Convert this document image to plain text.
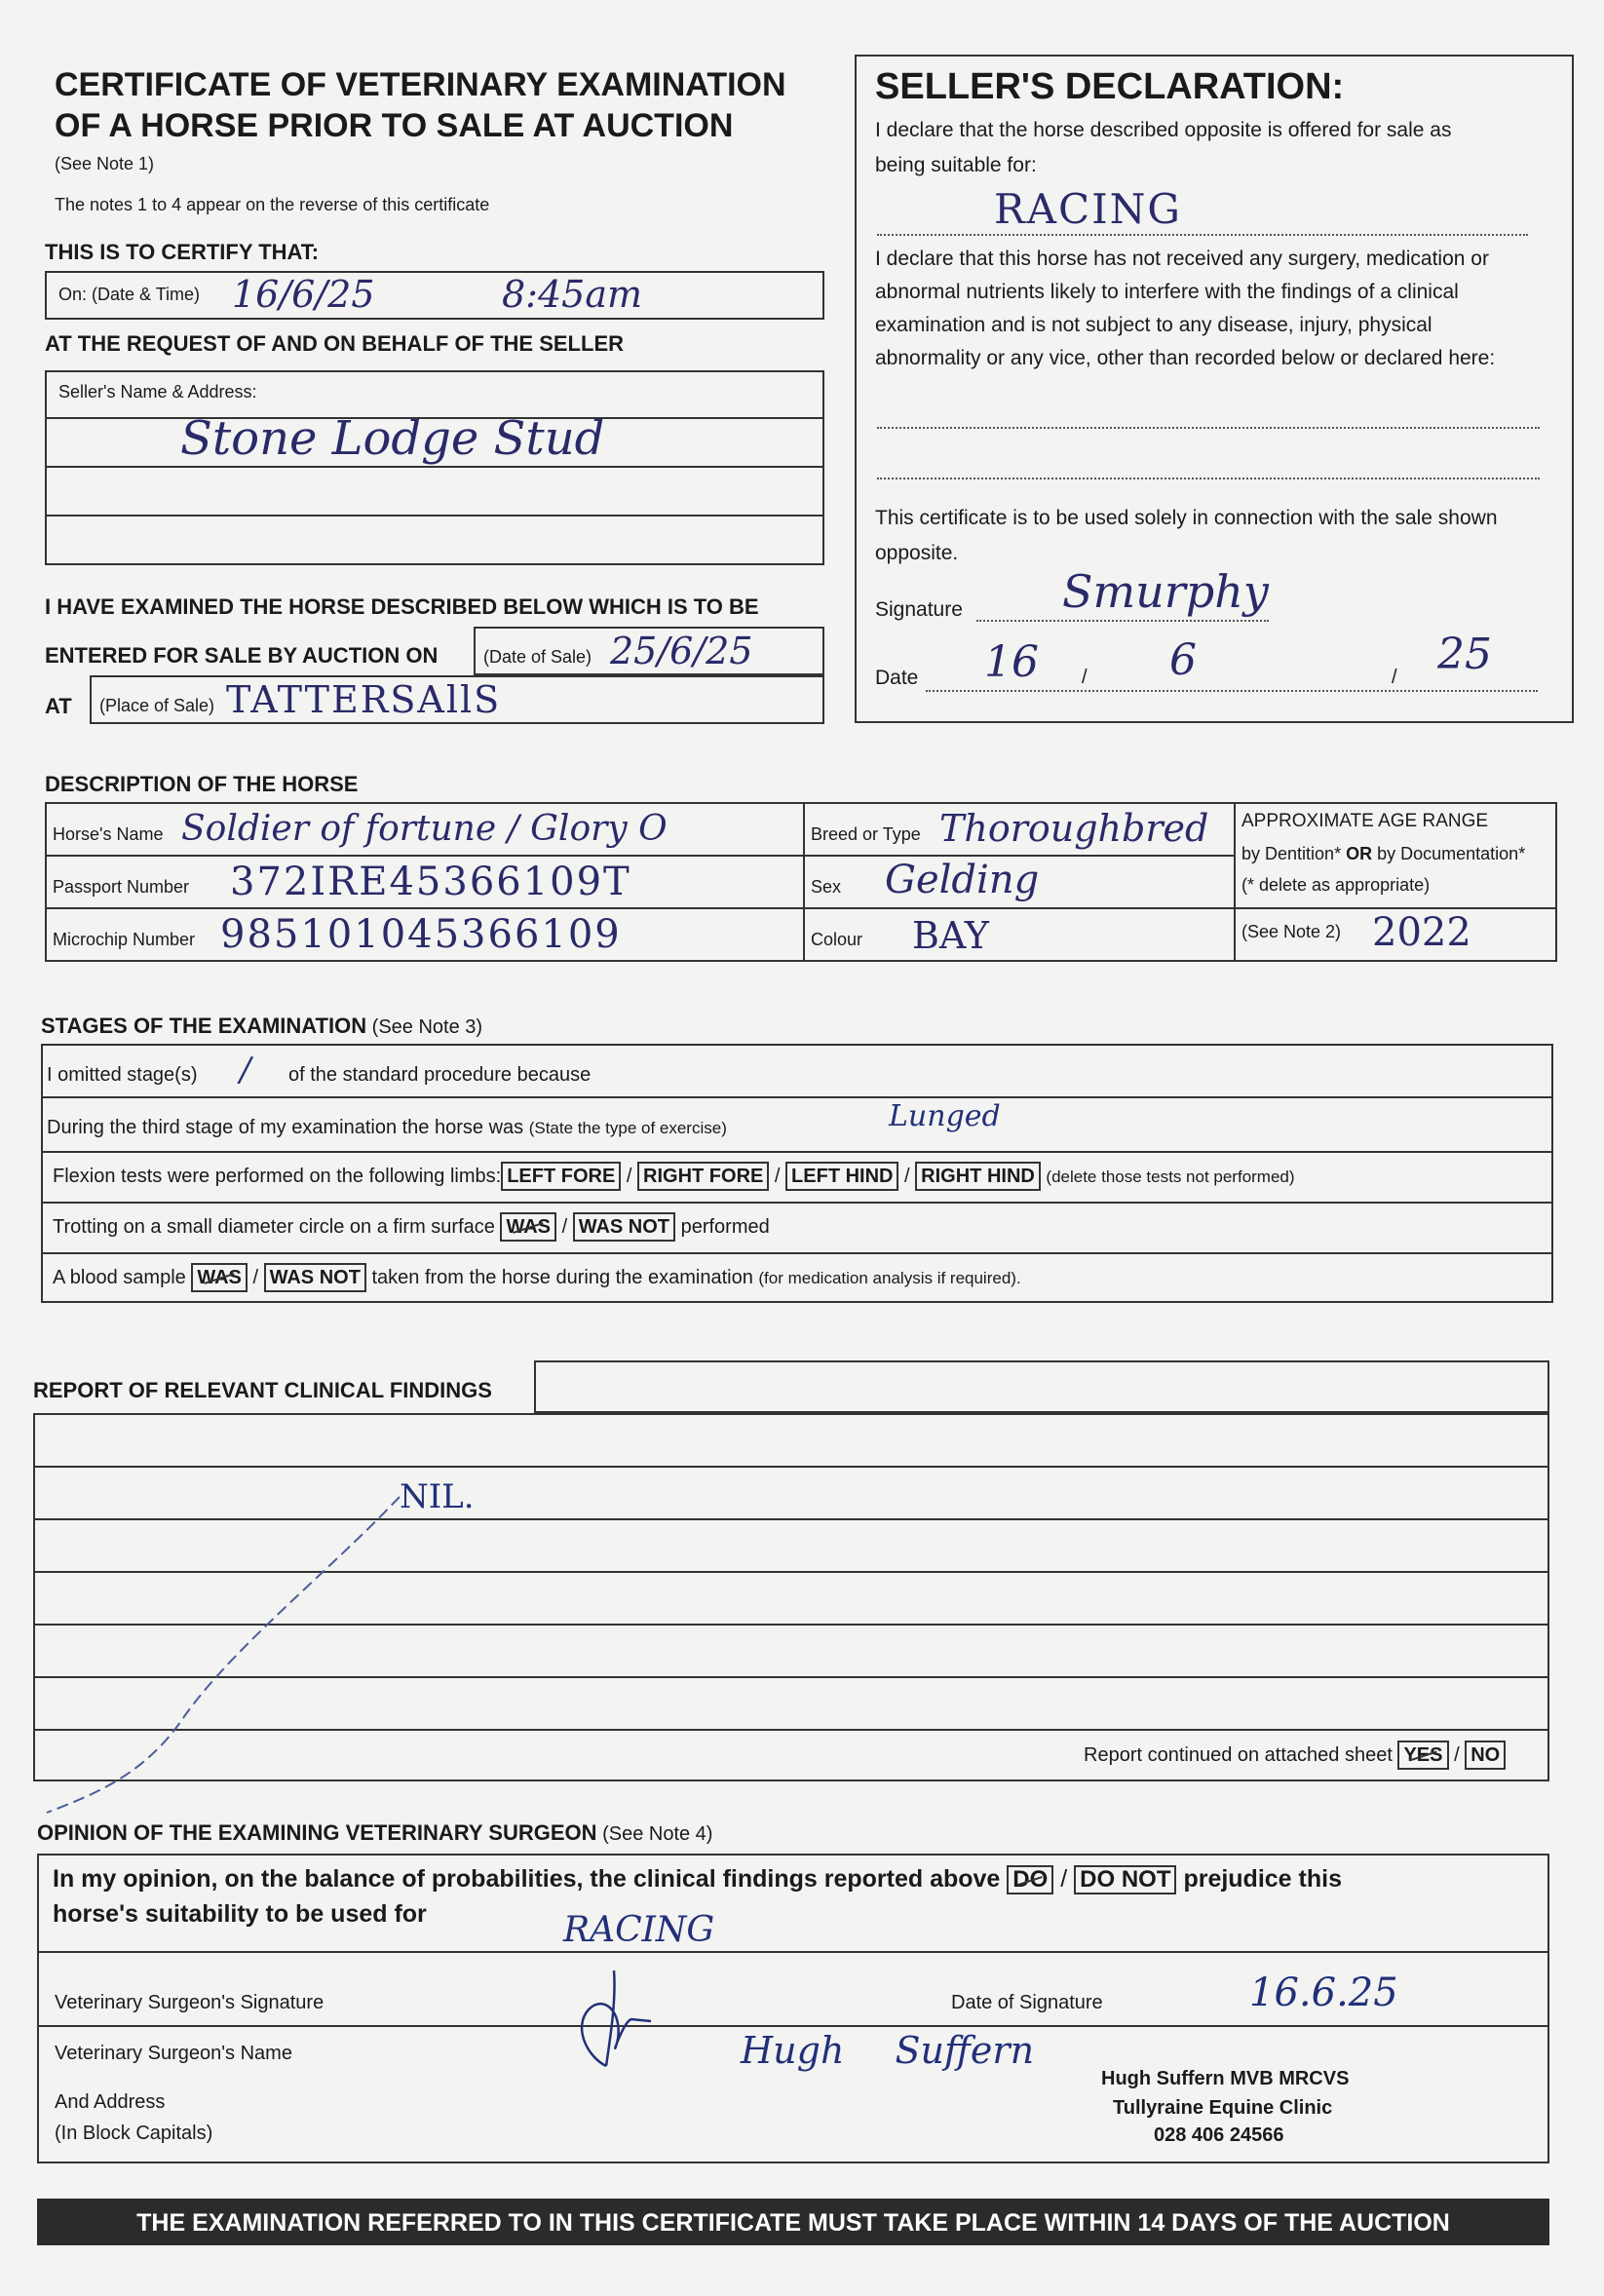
CERTIFICATE OF VETERINARY EXAMINATION
OF A HORSE PRIOR TO SALE AT AUCTION
(See Note 1)
The notes 1 to 4 appear on the reverse of this certificate
THIS IS TO CERTIFY THAT:
On: (Date & Time) 16/6/25	8:45am
AT THE REQUEST OF AND ON BEHALF OF THE SELLER
Seller's Name & Address:
Stone Lodge Stud
I HAVE EXAMINED THE HORSE DESCRIBED BELOW WHICH IS TO BE
ENTERED FOR SALE BY AUCTION ON	(Date of Sale) 25/6/25
AT (Place of Sale) TATTERSAllS
SELLER'S DECLARATION:
I declare that the horse described opposite is offered for sale as
being suitable for:
RACING
I declare that this horse has not received any surgery, medication or
abnormal nutrients likely to interfere with the findings of a clinical
examination and is not subject to any disease, injury, physical
abnormality or any vice, other than recorded below or declared here:
This certificate is to be used solely in connection with the sale shown
opposite.
Signature Smurphy
Date 16 / 6	/ 25
DESCRIPTION OF THE HORSE
Horse's Name Soldier of fortune / Glory O
Passport Number 372IRE45366109T
Microchip Number 985101045366109
Breed or Type Thoroughbred
Sex Gelding
Colour BAY
APPROXIMATE AGE RANGE
by Dentition* OR by Documentation*
(* delete as appropriate)
(See Note 2) 2022
STAGES OF THE EXAMINATION (See Note 3)
I omitted stage(s) / of the standard procedure because
During the third stage of my examination the horse was (State the type of exercise)	Lunged
Flexion tests were performed on the following limbs: LEFT FORE / RIGHT FORE / LEFT HIND / RIGHT HIND (delete those tests not performed)
Trotting on a small diameter circle on a firm surface WAS / WAS NOT performed
A blood sample WAS / WAS NOT taken from the horse during the examination (for medication analysis if required).
REPORT OF RELEVANT CLINICAL FINDINGS
NIL.
Report continued on attached sheet YES / NO
OPINION OF THE EXAMINING VETERINARY SURGEON (See Note 4)
In my opinion, on the balance of probabilities, the clinical findings reported above DO / DO NOT prejudice this
horse's suitability to be used for	RACING
Veterinary Surgeon's Signature	Date of Signature	16.6.25
Veterinary Surgeon's Name	Hugh Suffern
And Address
(In Block Capitals)
Hugh Suffern MVB MRCVS
Tullyraine Equine Clinic
028 406 24566
THE EXAMINATION REFERRED TO IN THIS CERTIFICATE MUST TAKE PLACE WITHIN 14 DAYS OF THE AUCTION
